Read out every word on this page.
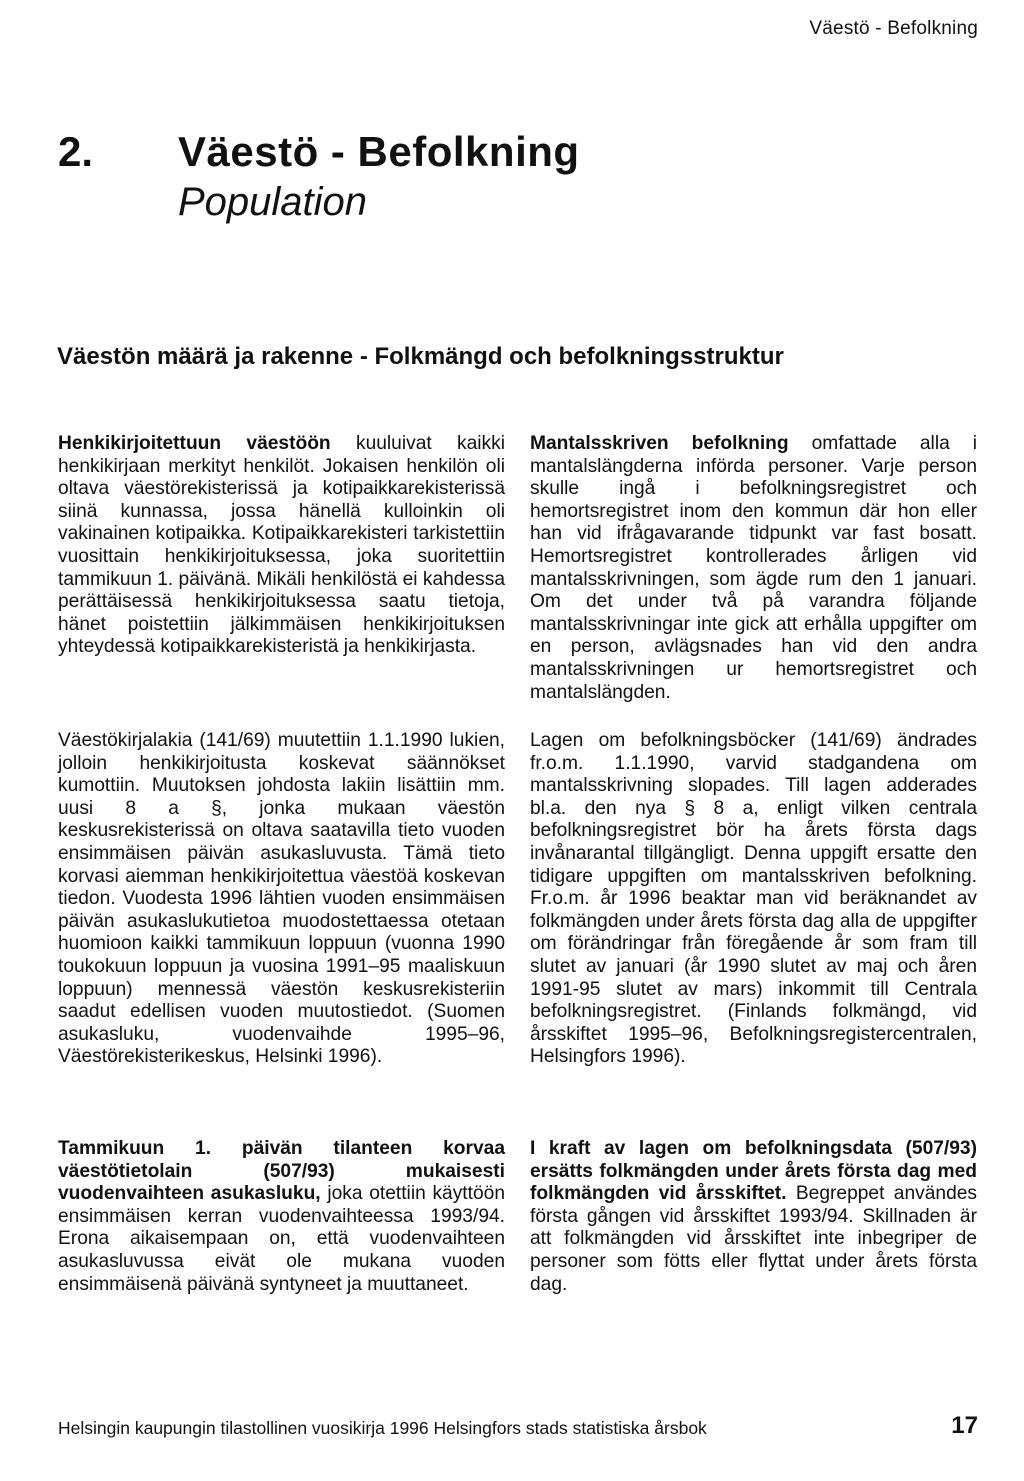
Väestö - Befolkning
2. Väestö - Befolkning
Population
Väestön määrä ja rakenne - Folkmängd och befolkningsstruktur

Henkikirjoitettuun väestöön kuuluivat kaikki henkikirjaan merkityt henkilöt. Jokaisen henkilön oli oltava väestörekisterissä ja kotipaikkarekisterissä siinä kunnassa, jossa hänellä kulloinkin oli vakinainen kotipaikka. Kotipaikkarekisteri tarkistettiin vuosittain henkikirjoituksessa, joka suoritettiin tammikuun 1. päivänä. Mikäli henkilöstä ei kahdessa perättäisessä henkikirjoituksessa saatu tietoja, hänet poistettiin jälkimmäisen henkikirjoituksen yhteydessä kotipaikkarekisteristä ja henkikirjasta.

Väestökirjalakia (141/69) muutettiin 1.1.1990 lukien, jolloin henkikirjoitusta koskevat säännökset kumottiin. Muutoksen johdosta lakiin lisättiin mm. uusi 8 a §, jonka mukaan väestön keskusrekisterissä on oltava saatavilla tieto vuoden ensimmäisen päivän asukasluvusta. Tämä tieto korvasi aiemman henkikirjoitettua väestöä koskevan tiedon. Vuodesta 1996 lähtien vuoden ensimmäisen päivän asukaslukutietoa muodostettaessa otetaan huomioon kaikki tammikuun loppuun (vuonna 1990 toukokuun loppuun ja vuosina 1991–95 maaliskuun loppuun) mennessä väestön keskusrekisteriin saadut edellisen vuoden muutostiedot. (Suomen asukasluku, vuodenvaihde 1995–96, Väestörekisterikeskus, Helsinki 1996).

Tammikuun 1. päivän tilanteen korvaa väestötietolain (507/93) mukaisesti vuodenvaihteen asukasluku, joka otettiin käyttöön ensimmäisen kerran vuodenvaihteessa 1993/94. Erona aikaisempaan on, että vuodenvaihteen asukasluvussa eivät ole mukana vuoden ensimmäisenä päivänä syntyneet ja muuttaneet.

Mantalsskriven befolkning omfattade alla i mantalslängderna införda personer. Varje person skulle ingå i befolkningsregistret och hemortsregistret inom den kommun där hon eller han vid ifrågavarande tidpunkt var fast bosatt. Hemortsregistret kontrollerades årligen vid mantalsskrivningen, som ägde rum den 1 januari. Om det under två på varandra följande mantalsskrivningar inte gick att erhålla uppgifter om en person, avlägsnades han vid den andra mantalsskrivningen ur hemortsregistret och mantalslängden.

Lagen om befolkningsböcker (141/69) ändrades fr.o.m. 1.1.1990, varvid stadgandena om mantalsskrivning slopades. Till lagen adderades bl.a. den nya § 8 a, enligt vilken centrala befolkningsregistret bör ha årets första dags invånarantal tillgängligt. Denna uppgift ersatte den tidigare uppgiften om mantalsskriven befolkning. Fr.o.m. år 1996 beaktar man vid beräknandet av folkmängden under årets första dag alla de uppgifter om förändringar från föregående år som fram till slutet av januari (år 1990 slutet av maj och åren 1991-95 slutet av mars) inkommit till Centrala befolkningsregistret. (Finlands folkmängd, vid årsskiftet 1995–96, Befolkningsregistercentralen, Helsingfors 1996).

I kraft av lagen om befolkningsdata (507/93) ersätts folkmängden under årets första dag med folkmängden vid årsskiftet. Begreppet användes första gången vid årsskiftet 1993/94. Skillnaden är att folkmängden vid årsskiftet inte inbegriper de personer som fötts eller flyttat under årets första dag.

Helsingin kaupungin tilastollinen vuosikirja 1996 Helsingfors stads statistiska årsbok	17
